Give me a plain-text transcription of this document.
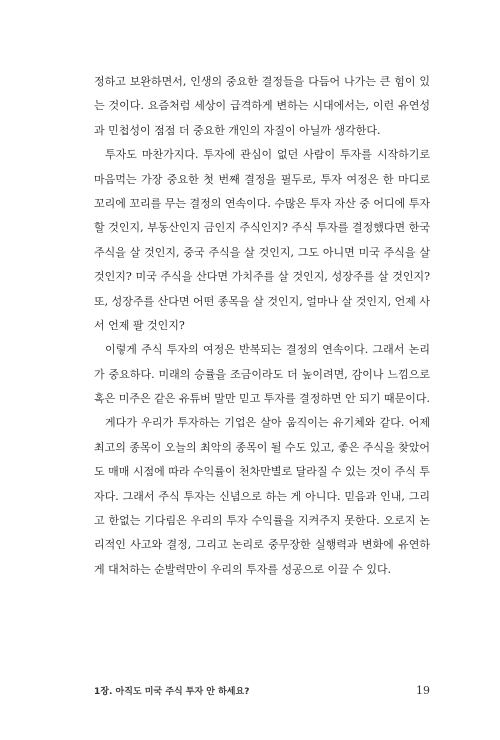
정하고 보완하면서, 인생의 중요한 결정들을 다듬어 나가는 큰 힘이 있
는 것이다. 요즘처럼 세상이 급격하게 변하는 시대에서는, 이런 유연성
과 민첩성이 점점 더 중요한 개인의 자질이 아닐까 생각한다.

투자도 마찬가지다. 투자에 관심이 없던 사람이 투자를 시작하기로
마음먹는 가장 중요한 첫 번째 결정을 필두로, 투자 여정은 한 마디로
꼬리에 꼬리를 무는 결정의 연속이다. 수많은 투자 자산 중 어디에 투자
할 것인지, 부동산인지 금인지 주식인지? 주식 투자를 결정했다면 한국
주식을 살 것인지, 중국 주식을 살 것인지, 그도 아니면 미국 주식을 살
것인지? 미국 주식을 산다면 가치주를 살 것인지, 성장주를 살 것인지?
또, 성장주를 산다면 어떤 종목을 살 것인지, 얼마나 살 것인지, 언제 사
서 언제 팔 것인지?

이렇게 주식 투자의 여정은 반복되는 결정의 연속이다. 그래서 논리
가 중요하다. 미래의 승률을 조금이라도 더 높이려면, 감이나 느낌으로
혹은 미주은 같은 유튜버 말만 믿고 투자를 결정하면 안 되기 때문이다.

게다가 우리가 투자하는 기업은 살아 움직이는 유기체와 같다. 어제
최고의 종목이 오늘의 최악의 종목이 될 수도 있고, 좋은 주식을 찾았어
도 매매 시점에 따라 수익률이 천차만별로 달라질 수 있는 것이 주식 투
자다. 그래서 주식 투자는 신념으로 하는 게 아니다. 믿음과 인내, 그리
고 한없는 기다림은 우리의 투자 수익률을 지켜주지 못한다. 오로지 논
리적인 사고와 결정, 그리고 논리로 중무장한 실행력과 변화에 유연하
게 대처하는 순발력만이 우리의 투자를 성공으로 이끌 수 있다.

1장. 아직도 미국 주식 투자 안 하세요?	19
